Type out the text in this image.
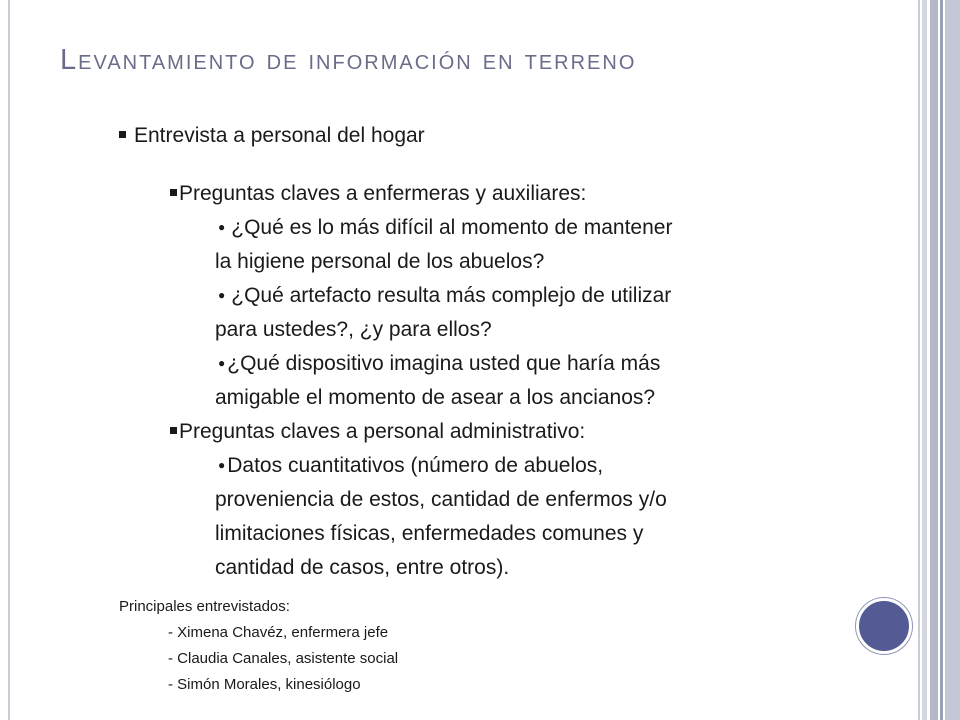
Levantamiento de información en terreno
Entrevista a personal del hogar
Preguntas claves a enfermeras y auxiliares:
● ¿Qué es lo más difícil al momento de mantener
la higiene personal de los abuelos?
● ¿Qué artefacto resulta más complejo de utilizar
para ustedes?, ¿y para ellos?
●¿Qué dispositivo imagina usted que haría más
amigable el momento de asear a los ancianos?
Preguntas claves a personal administrativo:
●Datos cuantitativos (número de abuelos,
proveniencia de estos, cantidad de enfermos y/o
limitaciones físicas, enfermedades comunes y
cantidad de casos, entre otros).
Principales entrevistados:
- Ximena Chavéz, enfermera jefe
- Claudia Canales, asistente social
- Simón Morales, kinesiólogo
